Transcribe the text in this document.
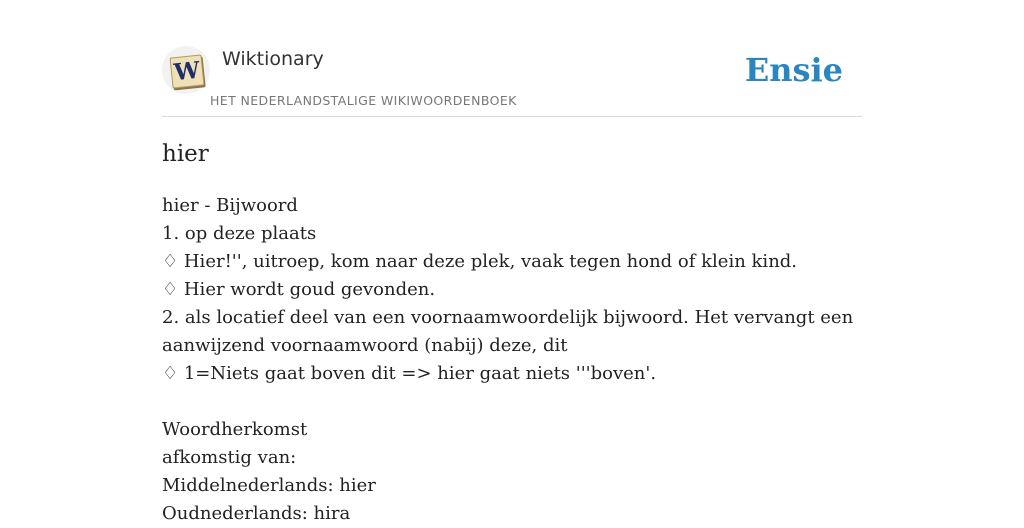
W Wiktionary
HET NEDERLANDSTALIGE WIKIWOORDENBOEK
Ensie
hier
hier - Bijwoord
1. op deze plaats
♢ Hier!'', uitroep, kom naar deze plek, vaak tegen hond of klein kind.
♢ Hier wordt goud gevonden.
2. als locatief deel van een voornaamwoordelijk bijwoord. Het vervangt een aanwijzend voornaamwoord (nabij) deze, dit
♢ 1=Niets gaat boven dit => hier gaat niets '''boven'.
Woordherkomst
afkomstig van:
Middelnederlands: hier
Oudnederlands: hira
